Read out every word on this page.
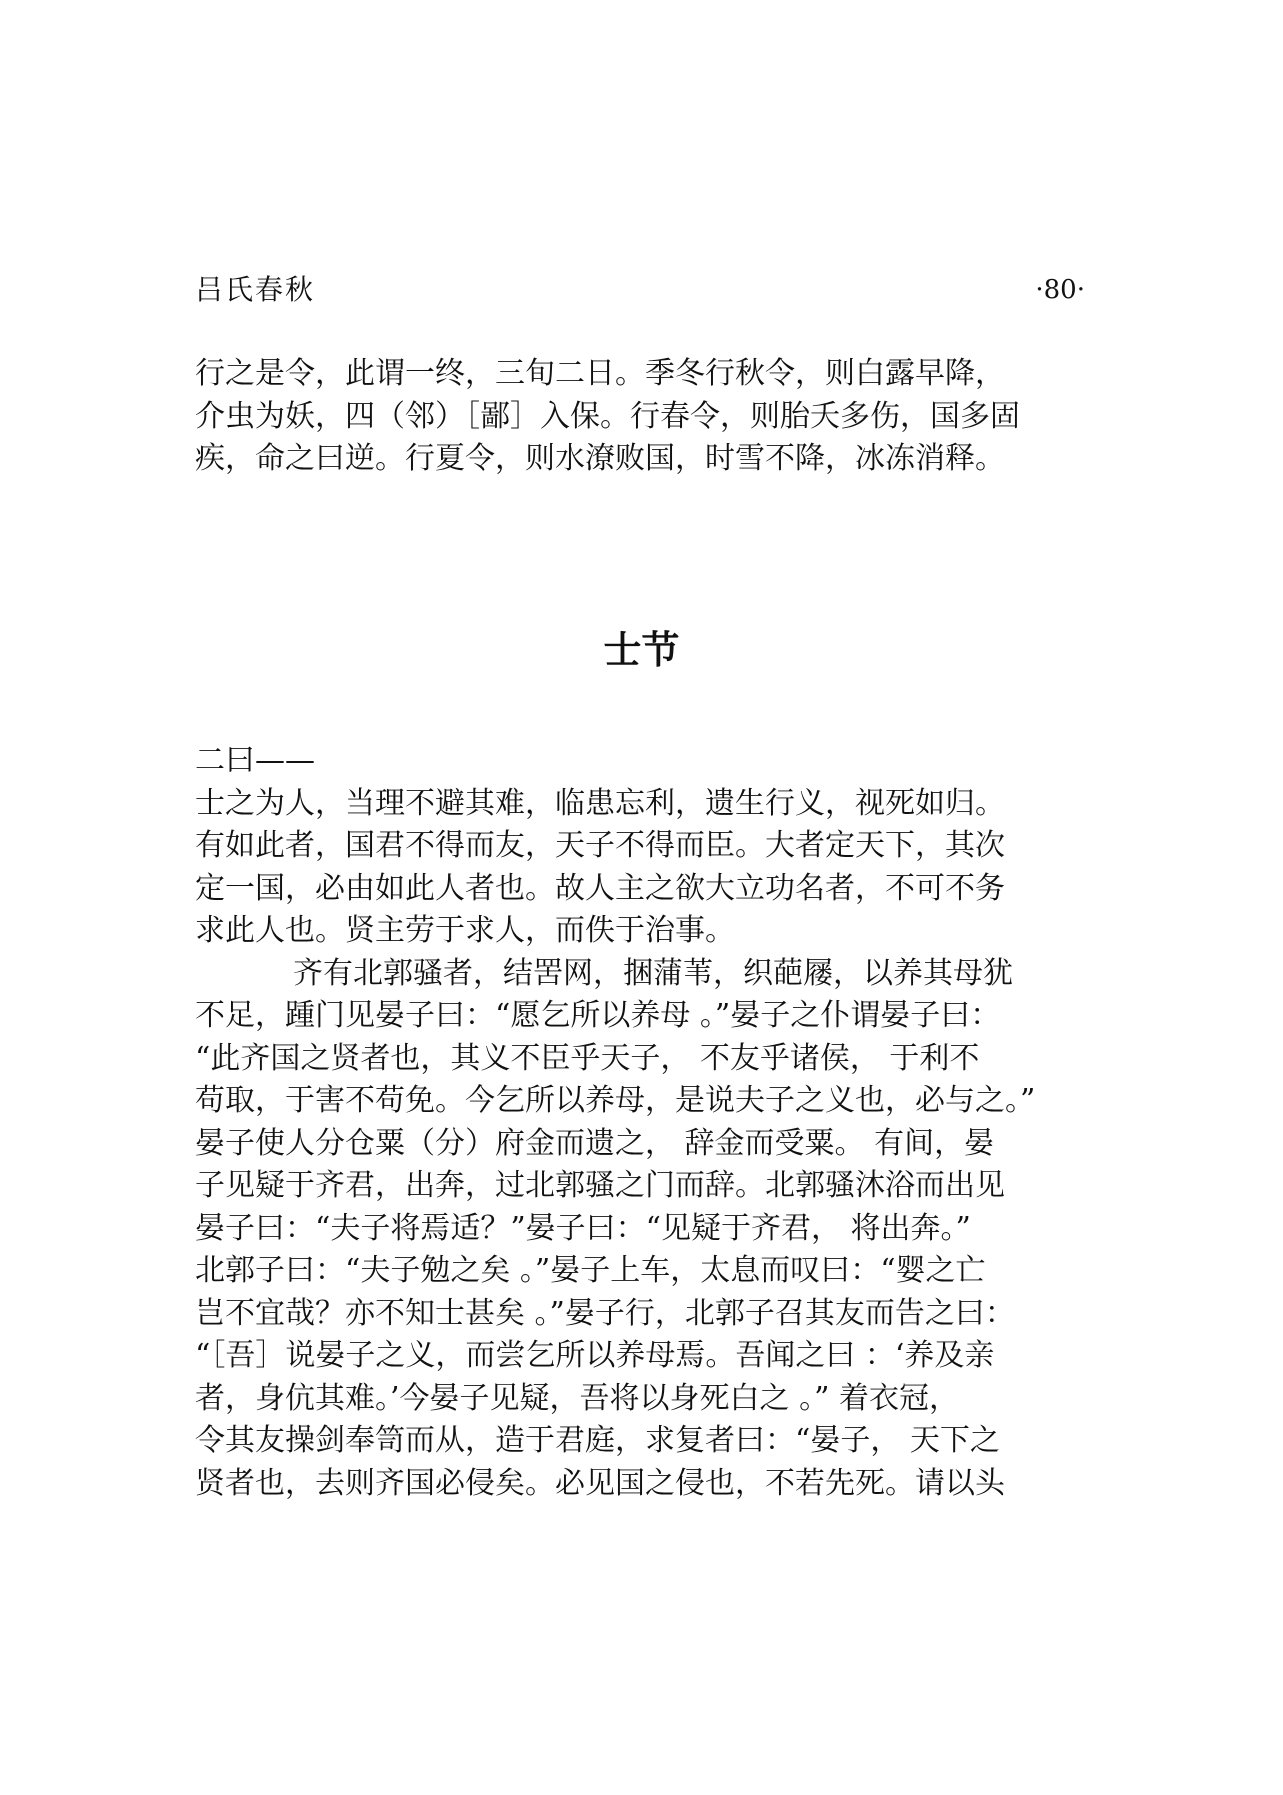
吕氏春秋	·80·
行之是令，此谓一终，三旬二日。季冬行秋令，则白露早降，
介虫为妖，四（邻）［鄙］入保。行春令，则胎夭多伤，国多固
疾，命之曰逆。行夏令，则水潦败国，时雪不降，冰冻消释。
士节
二曰——
士之为人，当理不避其难，临患忘利，遗生行义，视死如归。
有如此者，国君不得而友，天子不得而臣。大者定天下，其次
定一国，必由如此人者也。故人主之欲大立功名者，不可不务
求此人也。贤主劳于求人，而佚于治事。
齐有北郭骚者，结罟网，捆蒲苇，织葩屦，以养其母犹
不足，踵门见晏子曰：“愿乞所以养母 。”晏子之仆谓晏子曰：
“此齐国之贤者也，其义不臣乎天子， 不友乎诸侯， 于利不
苟取，于害不苟免。今乞所以养母，是说夫子之义也，必与之。”
晏子使人分仓粟（分）府金而遗之， 辞金而受粟。 有间，晏
子见疑于齐君，出奔，过北郭骚之门而辞。北郭骚沐浴而出见
晏子曰：“夫子将焉适？”晏子曰：“见疑于齐君， 将出奔。”
北郭子曰：“夫子勉之矣 。”晏子上车，太息而叹曰：“婴之亡
岂不宜哉？亦不知士甚矣 。”晏子行，北郭子召其友而告之曰：
“［吾］说晏子之义，而尝乞所以养母焉。吾闻之曰 ：‘养及亲
者，身伉其难。’今晏子见疑，吾将以身死白之 。” 着衣冠，
令其友操剑奉笥而从，造于君庭，求复者曰：“晏子， 天下之
贤者也，去则齐国必侵矣。必见国之侵也，不若先死。请以头
